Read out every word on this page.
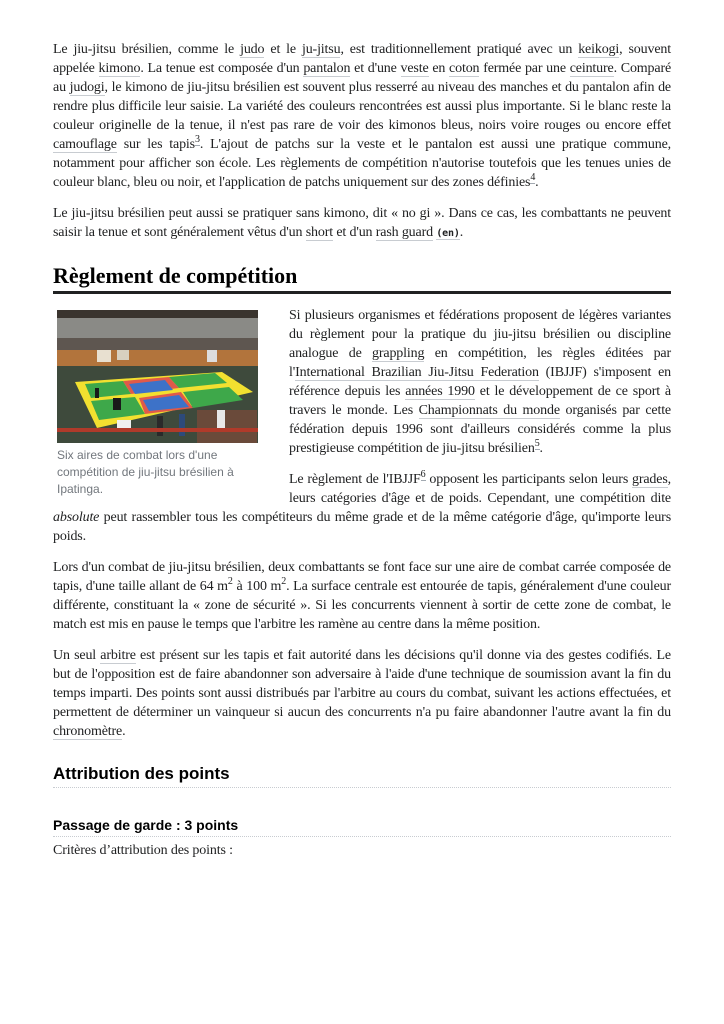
Le jiu-jitsu brésilien, comme le judo et le ju-jitsu, est traditionnellement pratiqué avec un keikogi, souvent appelée kimono. La tenue est composée d'un pantalon et d'une veste en coton fermée par une ceinture. Comparé au judogi, le kimono de jiu-jitsu brésilien est souvent plus resserré au niveau des manches et du pantalon afin de rendre plus difficile leur saisie. La variété des couleurs rencontrées est aussi plus importante. Si le blanc reste la couleur originelle de la tenue, il n'est pas rare de voir des kimonos bleus, noirs voire rouges ou encore effet camouflage sur les tapis$^3$. L'ajout de patchs sur la veste et le pantalon est aussi une pratique commune, notamment pour afficher son école. Les règlements de compétition n'autorise toutefois que les tenues unies de couleur blanc, bleu ou noir, et l'application de patchs uniquement sur des zones définies$^4$.

Le jiu-jitsu brésilien peut aussi se pratiquer sans kimono, dit « no gi ». Dans ce cas, les combattants ne peuvent saisir la tenue et sont généralement vêtus d'un short et d'un rash guard (en).

Règlement de compétition
Six aires de combat lors d'une compétition de jiu-jitsu brésilien à Ipatinga.

Si plusieurs organismes et fédérations proposent de légères variantes du règlement pour la pratique du jiu-jitsu brésilien ou discipline analogue de grappling en compétition, les règles éditées par l'International Brazilian Jiu-Jitsu Federation (IBJJF) s'imposent en référence depuis les années 1990 et le développement de ce sport à travers le monde. Les Championnats du monde organisés par cette fédération depuis 1996 sont d'ailleurs considérés comme la plus prestigieuse compétition de jiu-jitsu brésilien$^5$.

Le règlement de l'IBJJF$^6$ opposent les participants selon leurs grades, leurs catégories d'âge et de poids. Cependant, une compétition dite absolute peut rassembler tous les compétiteurs du même grade et de la même catégorie d'âge, qu'importe leurs poids.

Lors d'un combat de jiu-jitsu brésilien, deux combattants se font face sur une aire de combat carrée composée de tapis, d'une taille allant de 64 $m^2$ à 100 $m^2$. La surface centrale est entourée de tapis, généralement d'une couleur différente, constituant la « zone de sécurité ». Si les concurrents viennent à sortir de cette zone de combat, le match est mis en pause le temps que l'arbitre les ramène au centre dans la même position.

Un seul arbitre est présent sur les tapis et fait autorité dans les décisions qu'il donne via des gestes codifiés. Le but de l'opposition est de faire abandonner son adversaire à l'aide d'une technique de soumission avant la fin du temps imparti. Des points sont aussi distribués par l'arbitre au cours du combat, suivant les actions effectuées, et permettent de déterminer un vainqueur si aucun des concurrents n'a pu faire abandonner l'autre avant la fin du chronomètre.

Attribution des points
Passage de garde : 3 points

Critères d’attribution des points :
